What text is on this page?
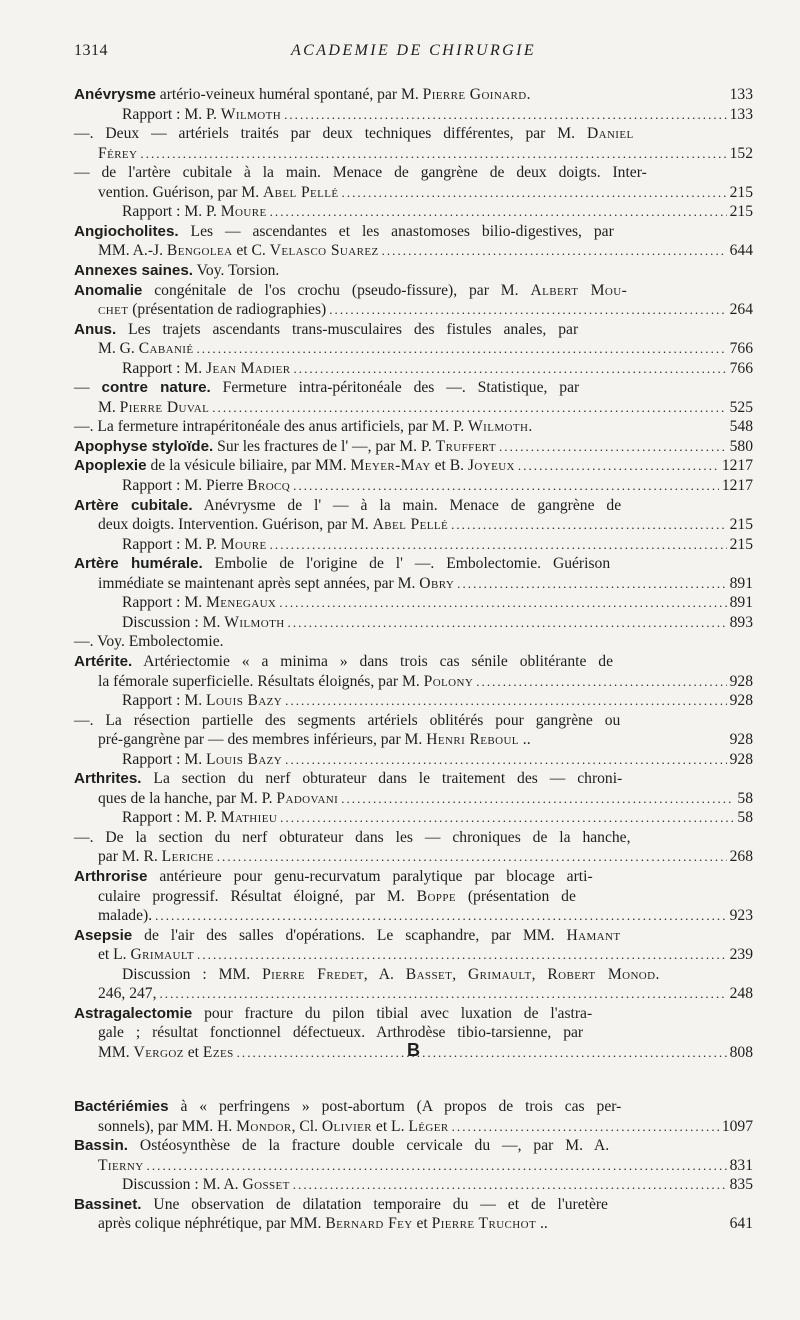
1314	ACADEMIE DE CHIRURGIE
Anévrysme artério-veineux huméral spontané, par M. Pierre Goinard.	133
Rapport : M. P. Wilmoth . . .	133
—. Deux — artériels traités par deux techniques différentes, par M. Daniel
Férey . . .	152
— de l'artère cubitale à la main. Menace de gangrène de deux doigts. Inter-
vention. Guérison, par M. Abel Pellé . . .	215
Rapport : M. P. Moure . . .	215
Angiocholites. Les — ascendantes et les anastomoses bilio-digestives, par
MM. A.-J. Bengolea et C. Velasco Suarez . . .	644
Annexes saines. Voy. Torsion.
Anomalie congénitale de l'os crochu (pseudo-fissure), par M. Albert Mou-
chet (présentation de radiographies) . . .	264
Anus. Les trajets ascendants trans-musculaires des fistules anales, par
M. G. Cabanié . . .	766
Rapport : M. Jean Madier . . .	766
— contre nature. Fermeture intra-péritonéale des —. Statistique, par
M. Pierre Duval . . .	525
—. La fermeture intrapéritonéale des anus artificiels, par M. P. Wilmoth.	548
Apophyse styloïde. Sur les fractures de l' —, par M. P. Truffert . . .	580
Apoplexie de la vésicule biliaire, par MM. Meyer-May et B. Joyeux . . .	1217
Rapport : M. Pierre Brocq . . .	1217
Artère cubitale. Anévrysme de l' — à la main. Menace de gangrène de
deux doigts. Intervention. Guérison, par M. Abel Pellé . . .	215
Rapport : M. P. Moure . . .	215
Artère humérale. Embolie de l'origine de l' —. Embolectomie. Guérison
immédiate se maintenant après sept années, par M. Obry . . .	891
Rapport : M. Menegaux . . .	891
Discussion : M. Wilmoth . . .	893
—. Voy. Embolectomie.
Artérite. Artériectomie « a minima » dans trois cas sénile oblitérante de
la fémorale superficielle. Résultats éloignés, par M. Polony . . .	928
Rapport : M. Louis Bazy . . .	928
—. La résection partielle des segments artériels oblitérés pour gangrène ou
pré-gangrène par — des membres inférieurs, par M. Henri Reboul ..	928
Rapport : M. Louis Bazy . . .	928
Arthrites. La section du nerf obturateur dans le traitement des — chroni-
ques de la hanche, par M. P. Padovani . . .	58
Rapport : M. P. Mathieu . . .	58
—. De la section du nerf obturateur dans les — chroniques de la hanche,
par M. R. Leriche . . .	268
Arthrorise antérieure pour genu-recurvatum paralytique par blocage arti-
culaire progressif. Résultat éloigné, par M. Boppe (présentation de
malade). . . .	923
Asepsie de l'air des salles d'opérations. Le scaphandre, par MM. Hamant
et L. Grimault . . .	239
Discussion : MM. Pierre Fredet, A. Basset, Grimault, Robert Monod.
246, 247, . . .	248
Astragalectomie pour fracture du pilon tibial avec luxation de l'astra-
gale ; résultat fonctionnel défectueux. Arthrodèse tibio-tarsienne, par
MM. Vergoz et Ezes . . .	808
Bactériémies à « perfringens » post-abortum (A propos de trois cas per-
sonnels), par MM. H. Mondor, Cl. Olivier et L. Léger . . .	1097
Bassin. Ostéosynthèse de la fracture double cervicale du —, par M. A.
Tierny . . .	831
Discussion : M. A. Gosset . . .	835
Bassinet. Une observation de dilatation temporaire du — et de l'uretère
après colique néphrétique, par MM. Bernard Fey et Pierre Truchot ..	641
B
